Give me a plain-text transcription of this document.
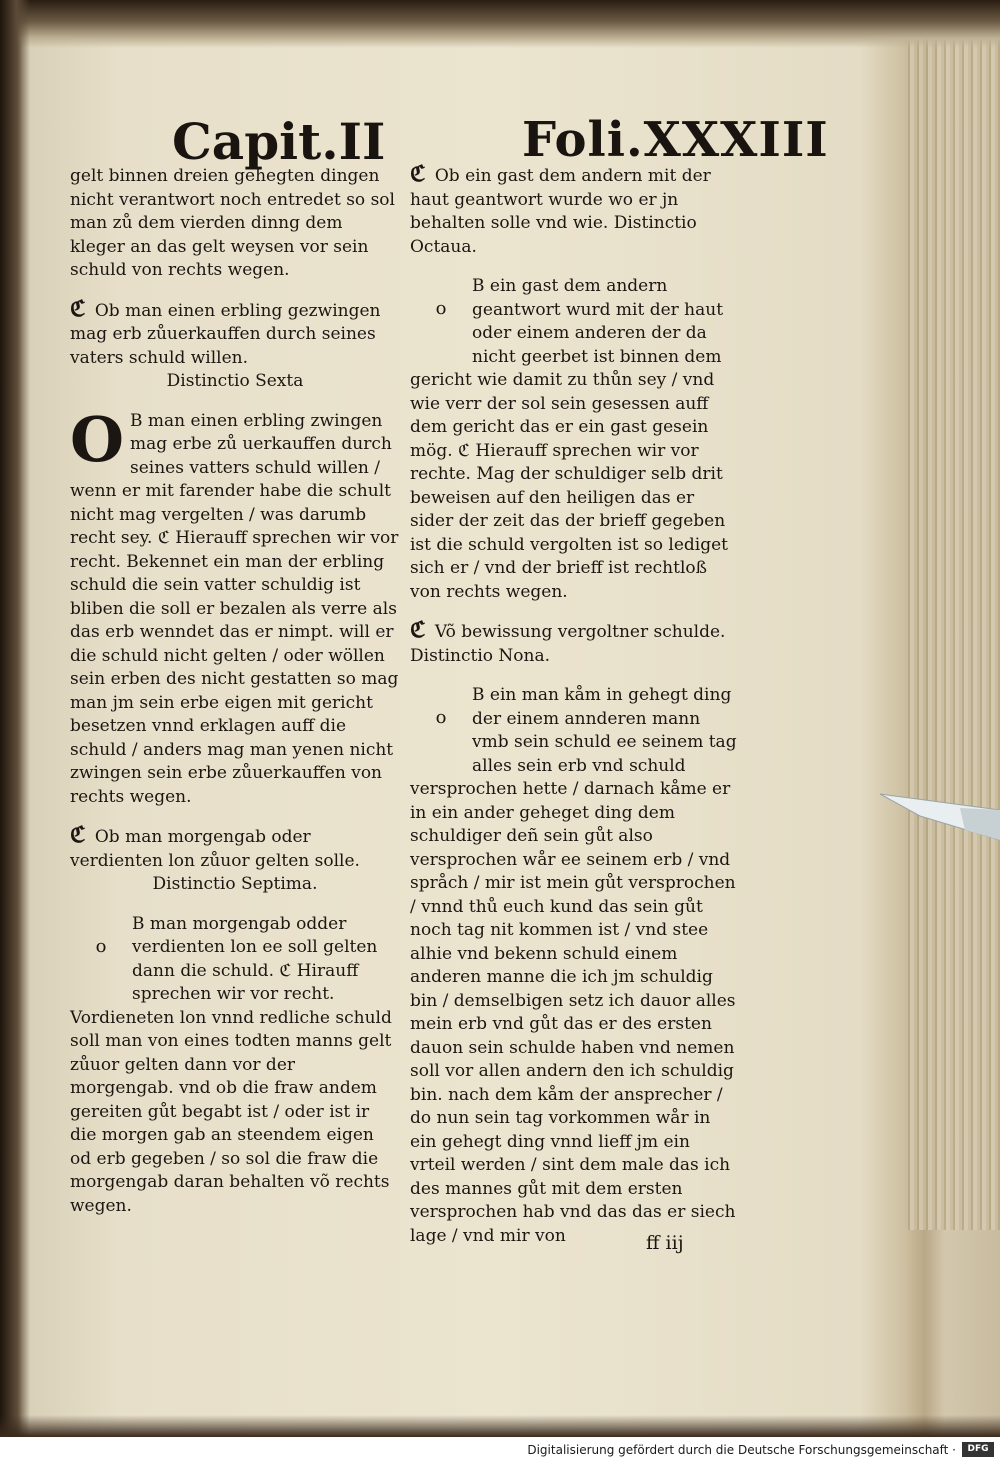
Capit.II	Foli.XXXIII

gelt binnen dreien gehegten dingen nicht verantwort noch entredet so sol man zů dem vierden dinng dem kleger an das gelt weysen vor sein schuld von rechts wegen.

ℭ Ob man einen erbling gezwingen mag erb zůuerkauffen durch seines vaters schuld willen.
Distinctio Sexta

O B man einen erbling zwingen mag erbe zů uerkauffen durch seines vatters schuld willen / wenn er mit farender habe die schult nicht mag vergelten / was darumb recht sey. ℭ Hierauff sprechen wir vor recht. Bekennet ein man der erbling schuld die sein vatter schuldig ist bliben die soll er bezalen als verre als das erb wenndet das er nimpt. will er die schuld nicht gelten / oder wöllen sein erben des nicht gestatten so mag man jm sein erbe eigen mit gericht besetzen vnnd erklagen auff die schuld / anders mag man yenen nicht zwingen sein erbe zůuerkauffen von rechts wegen.

ℭ Ob man morgengab oder verdienten lon zůuor gelten solle.
Distinctio Septima.

o
B man morgengab odder verdienten lon ee soll gelten dann die schuld. ℭ Hirauff sprechen wir vor recht. Vordieneten lon vnnd redliche schuld soll man von eines todten manns gelt zůuor gelten dann vor der morgengab. vnd ob die fraw andem gereiten gůt begabt ist / oder ist ir die morgen gab an steendem eigen od erb gegeben / so sol die fraw die morgengab daran behalten võ rechts wegen.

ℭ Ob ein gast dem andern mit der haut geantwort wurde wo er jn behalten solle vnd wie. Distinctio Octaua.

o
B ein gast dem andern geantwort wurd mit der haut oder einem anderen der da nicht geerbet ist binnen dem gericht wie damit zu thůn sey / vnd wie verr der sol sein gesessen auff dem gericht das er ein gast gesein mög. ℭ Hierauff sprechen wir vor rechte. Mag der schuldiger selb drit beweisen auf den heiligen das er sider der zeit das der brieff gegeben ist die schuld vergolten ist so lediget sich er / vnd der brieff ist rechtloß von rechts wegen.

ℭ Võ bewissung vergoltner schulde. Distinctio Nona.

o
B ein man kåm in gehegt ding der einem annderen mann vmb sein schuld ee seinem tag alles sein erb vnd schuld versprochen hette / darnach kåme er in ein ander geheget ding dem schuldiger deñ sein gůt also versprochen wår ee seinem erb / vnd språch / mir ist mein gůt versprochen / vnnd thů euch kund das sein gůt noch tag nit kommen ist / vnd stee alhie vnd bekenn schuld einem anderen manne die ich jm schuldig bin / demselbigen setz ich dauor alles mein erb vnd gůt das er des ersten dauon sein schulde haben vnd nemen soll vor allen andern den ich schuldig bin. nach dem kåm der ansprecher / do nun sein tag vorkommen wår in ein gehegt ding vnnd lieff jm ein vrteil werden / sint dem male das ich des mannes gůt mit dem ersten versprochen hab vnd das das er siech lage / vnd mir von	ff iij
Digitalisierung gefördert durch die Deutsche Forschungsgemeinschaft ·	DFG
